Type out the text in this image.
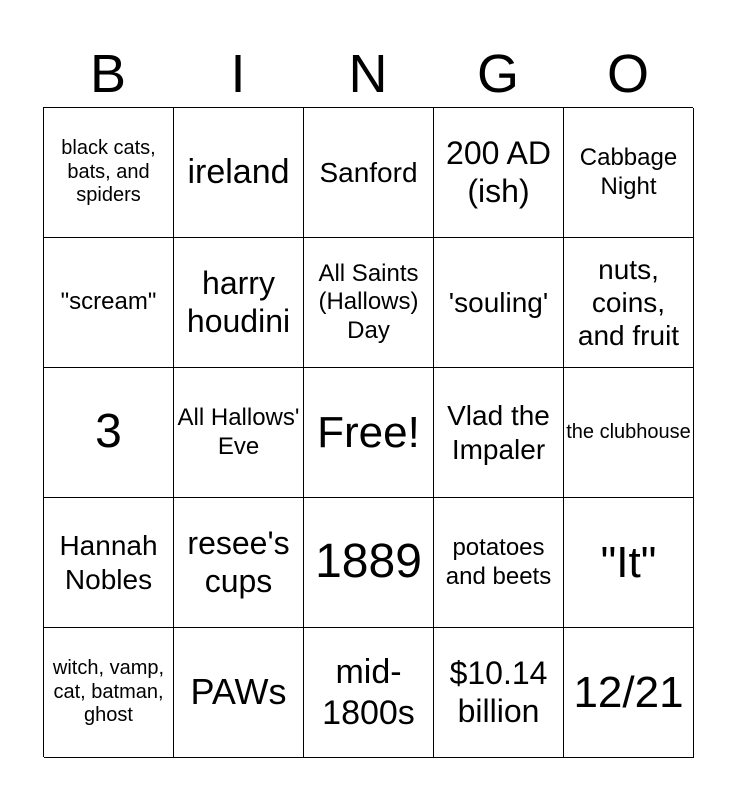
B	I	N	G	O
black cats, bats, and spiders
ireland	Sanford
200 AD (ish)
Cabbage Night
"scream"
harry houdini
All Saints (Hallows) Day
'souling'
nuts, coins, and fruit
3	All Hallows' Eve	Free! Vlad the Impaler
the clubhouse
Hannah Nobles
resee's cups 1889	potatoes and beets	"It"
witch, vamp, cat, batman, ghost
PAWs	mid-1800s
$10.14 billion 12/21
